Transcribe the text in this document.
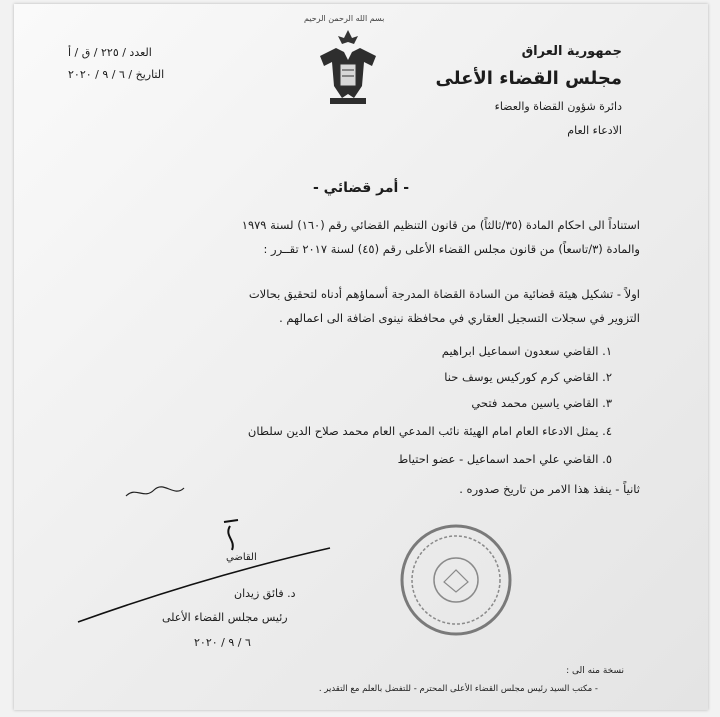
بسم الله الرحمن الرحيم
جمهورية العراق
مجلس القضاء الأعلى
دائرة شؤون القضاة والعضاء
الادعاء العام
العدد / ٢٢٥ / ق / أ
التاريخ / ٦ / ٩ / ٢٠٢٠
- أمر قضائي -
استناداً الى احكام المادة (٣٥/ثالثاً) من قانون التنظيم القضائي رقم (١٦٠) لسنة ١٩٧٩
والمادة (٣/تاسعاً) من قانون مجلس القضاء الأعلى رقم (٤٥) لسنة ٢٠١٧ تقــرر :
اولاً - تشكيل هيئة قضائية من السادة القضاة المدرجة أسماؤهم أدناه لتحقيق بحالات
التزوير في سجلات التسجيل العقاري في محافظة نينوى اضافة الى اعمالهم .
١. القاضي سعدون اسماعيل ابراهيم
٢. القاضي كرم كوركيس يوسف حنا
٣. القاضي ياسين محمد فتحي
٤. يمثل الادعاء العام امام الهيئة نائب المدعي العام محمد صلاح الدين سلطان
٥. القاضي علي احمد اسماعيل - عضو احتياط
ثانياً - ينفذ هذا الامر من تاريخ صدوره .
القاضي
د. فائق زيدان
رئيس مجلس القضاء الأعلى
٦ / ٩ / ٢٠٢٠
نسخة منه الى :
- مكتب السيد رئيس مجلس القضاء الأعلى المحترم - للتفضل بالعلم مع التقدير .
